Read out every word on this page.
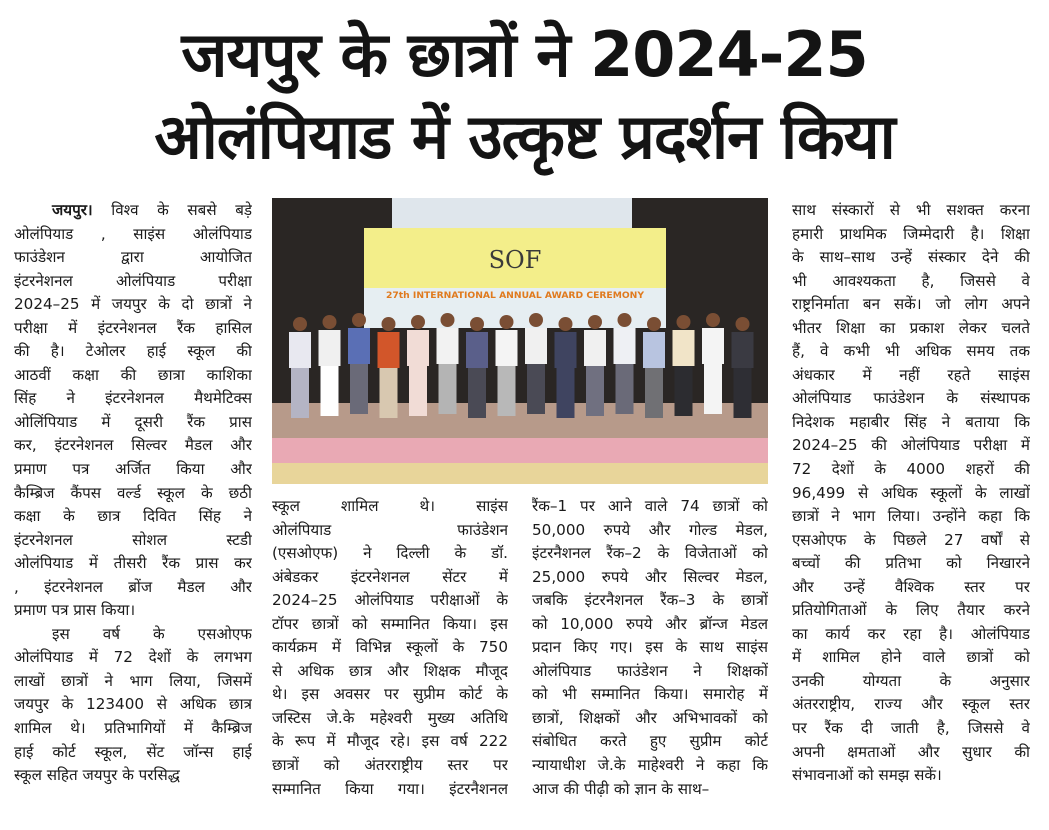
जयपुर के छात्रों ने 2024-25
ओलंपियाड में उत्कृष्ट प्रदर्शन किया
जयपुर। विश्व के सबसे बड़े
ओलंपियाड , साइंस ओलंपियाड
फाउंडेशन द्वारा आयोजित
इंटरनेशनल ओलंपियाड परीक्षा
2024–25 में जयपुर के दो छात्रों ने
परीक्षा में इंटरनेशनल रैंक हासिल
की है। टेओलर हाई स्कूल की
आठवीं कक्षा की छात्रा काशिका
सिंह ने इंटरनेशनल मैथमेटिक्स
ओलिंपियाड में दूसरी रैंक प्रास
कर, इंटरनेशनल सिल्वर मैडल और
प्रमाण पत्र अर्जित किया और
कैम्ब्रिज कैंपस वर्ल्ड स्कूल के छठी
कक्षा के छात्र दिवित सिंह ने
इंटरनेशनल सोशल स्टडी
ओलंपियाड में तीसरी रैंक प्रास कर
, इंटरनेशनल ब्रोंज मैडल और
प्रमाण पत्र प्रास किया।
इस वर्ष के एसओएफ
ओलंपियाड में 72 देशों के लगभग
लाखों छात्रों ने भाग लिया, जिसमें
जयपुर के 123400 से अधिक छात्र
शामिल थे। प्रतिभागियों में कैम्ब्रिज
हाई कोर्ट स्कूल, सेंट जॉन्स हाई
स्कूल सहित जयपुर के परसिद्ध
SOF
27th INTERNATIONAL ANNUAL AWARD CEREMONY
स्कूल शामिल थे। साइंस
ओलंपियाड फाउंडेशन
(एसओएफ) ने दिल्ली के डॉ.
अंबेडकर इंटरनेशनल सेंटर में
2024–25 ओलंपियाड परीक्षाओं के
टॉपर छात्रों को सम्मानित किया। इस
कार्यक्रम में विभिन्न स्कूलों के 750
से अधिक छात्र और शिक्षक मौजूद
थे। इस अवसर पर सुप्रीम कोर्ट के
जस्टिस जे.के महेश्वरी मुख्य अतिथि
के रूप में मौजूद रहे। इस वर्ष 222
छात्रों को अंतरराष्ट्रीय स्तर पर
सम्मानित किया गया। इंटरनैशनल
रैंक–1 पर आने वाले 74 छात्रों को
50,000 रुपये और गोल्ड मेडल,
इंटरनैशनल रैंक–2 के विजेताओं को
25,000 रुपये और सिल्वर मेडल,
जबकि इंटरनैशनल रैंक–3 के छात्रों
को 10,000 रुपये और ब्रॉन्ज मेडल
प्रदान किए गए। इस के साथ साइंस
ओलंपियाड फाउंडेशन ने शिक्षकों
को भी सम्मानित किया। समारोह में
छात्रों, शिक्षकों और अभिभावकों को
संबोधित करते हुए सुप्रीम कोर्ट
न्यायाधीश जे.के माहेश्वरी ने कहा कि
आज की पीढ़ी को ज्ञान के साथ–
साथ संस्कारों से भी सशक्त करना
हमारी प्राथमिक जिम्मेदारी है। शिक्षा
के साथ–साथ उन्हें संस्कार देने की
भी आवश्यकता है, जिससे वे
राष्ट्रनिर्माता बन सकें। जो लोग अपने
भीतर शिक्षा का प्रकाश लेकर चलते
हैं, वे कभी भी अधिक समय तक
अंधकार में नहीं रहते साइंस
ओलंपियाड फाउंडेशन के संस्थापक
निदेशक महाबीर सिंह ने बताया कि
2024–25 की ओलंपियाड परीक्षा में
72 देशों के 4000 शहरों की
96,499 से अधिक स्कूलों के लाखों
छात्रों ने भाग लिया। उन्होंने कहा कि
एसओएफ के पिछले 27 वर्षों से
बच्चों की प्रतिभा को निखारने
और उन्हें वैश्विक स्तर पर
प्रतियोगिताओं के लिए तैयार करने
का कार्य कर रहा है। ओलंपियाड
में शामिल होने वाले छात्रों को
उनकी योग्यता के अनुसार
अंतरराष्ट्रीय, राज्य और स्कूल स्तर
पर रैंक दी जाती है, जिससे वे
अपनी क्षमताओं और सुधार की
संभावनाओं को समझ सकें।
